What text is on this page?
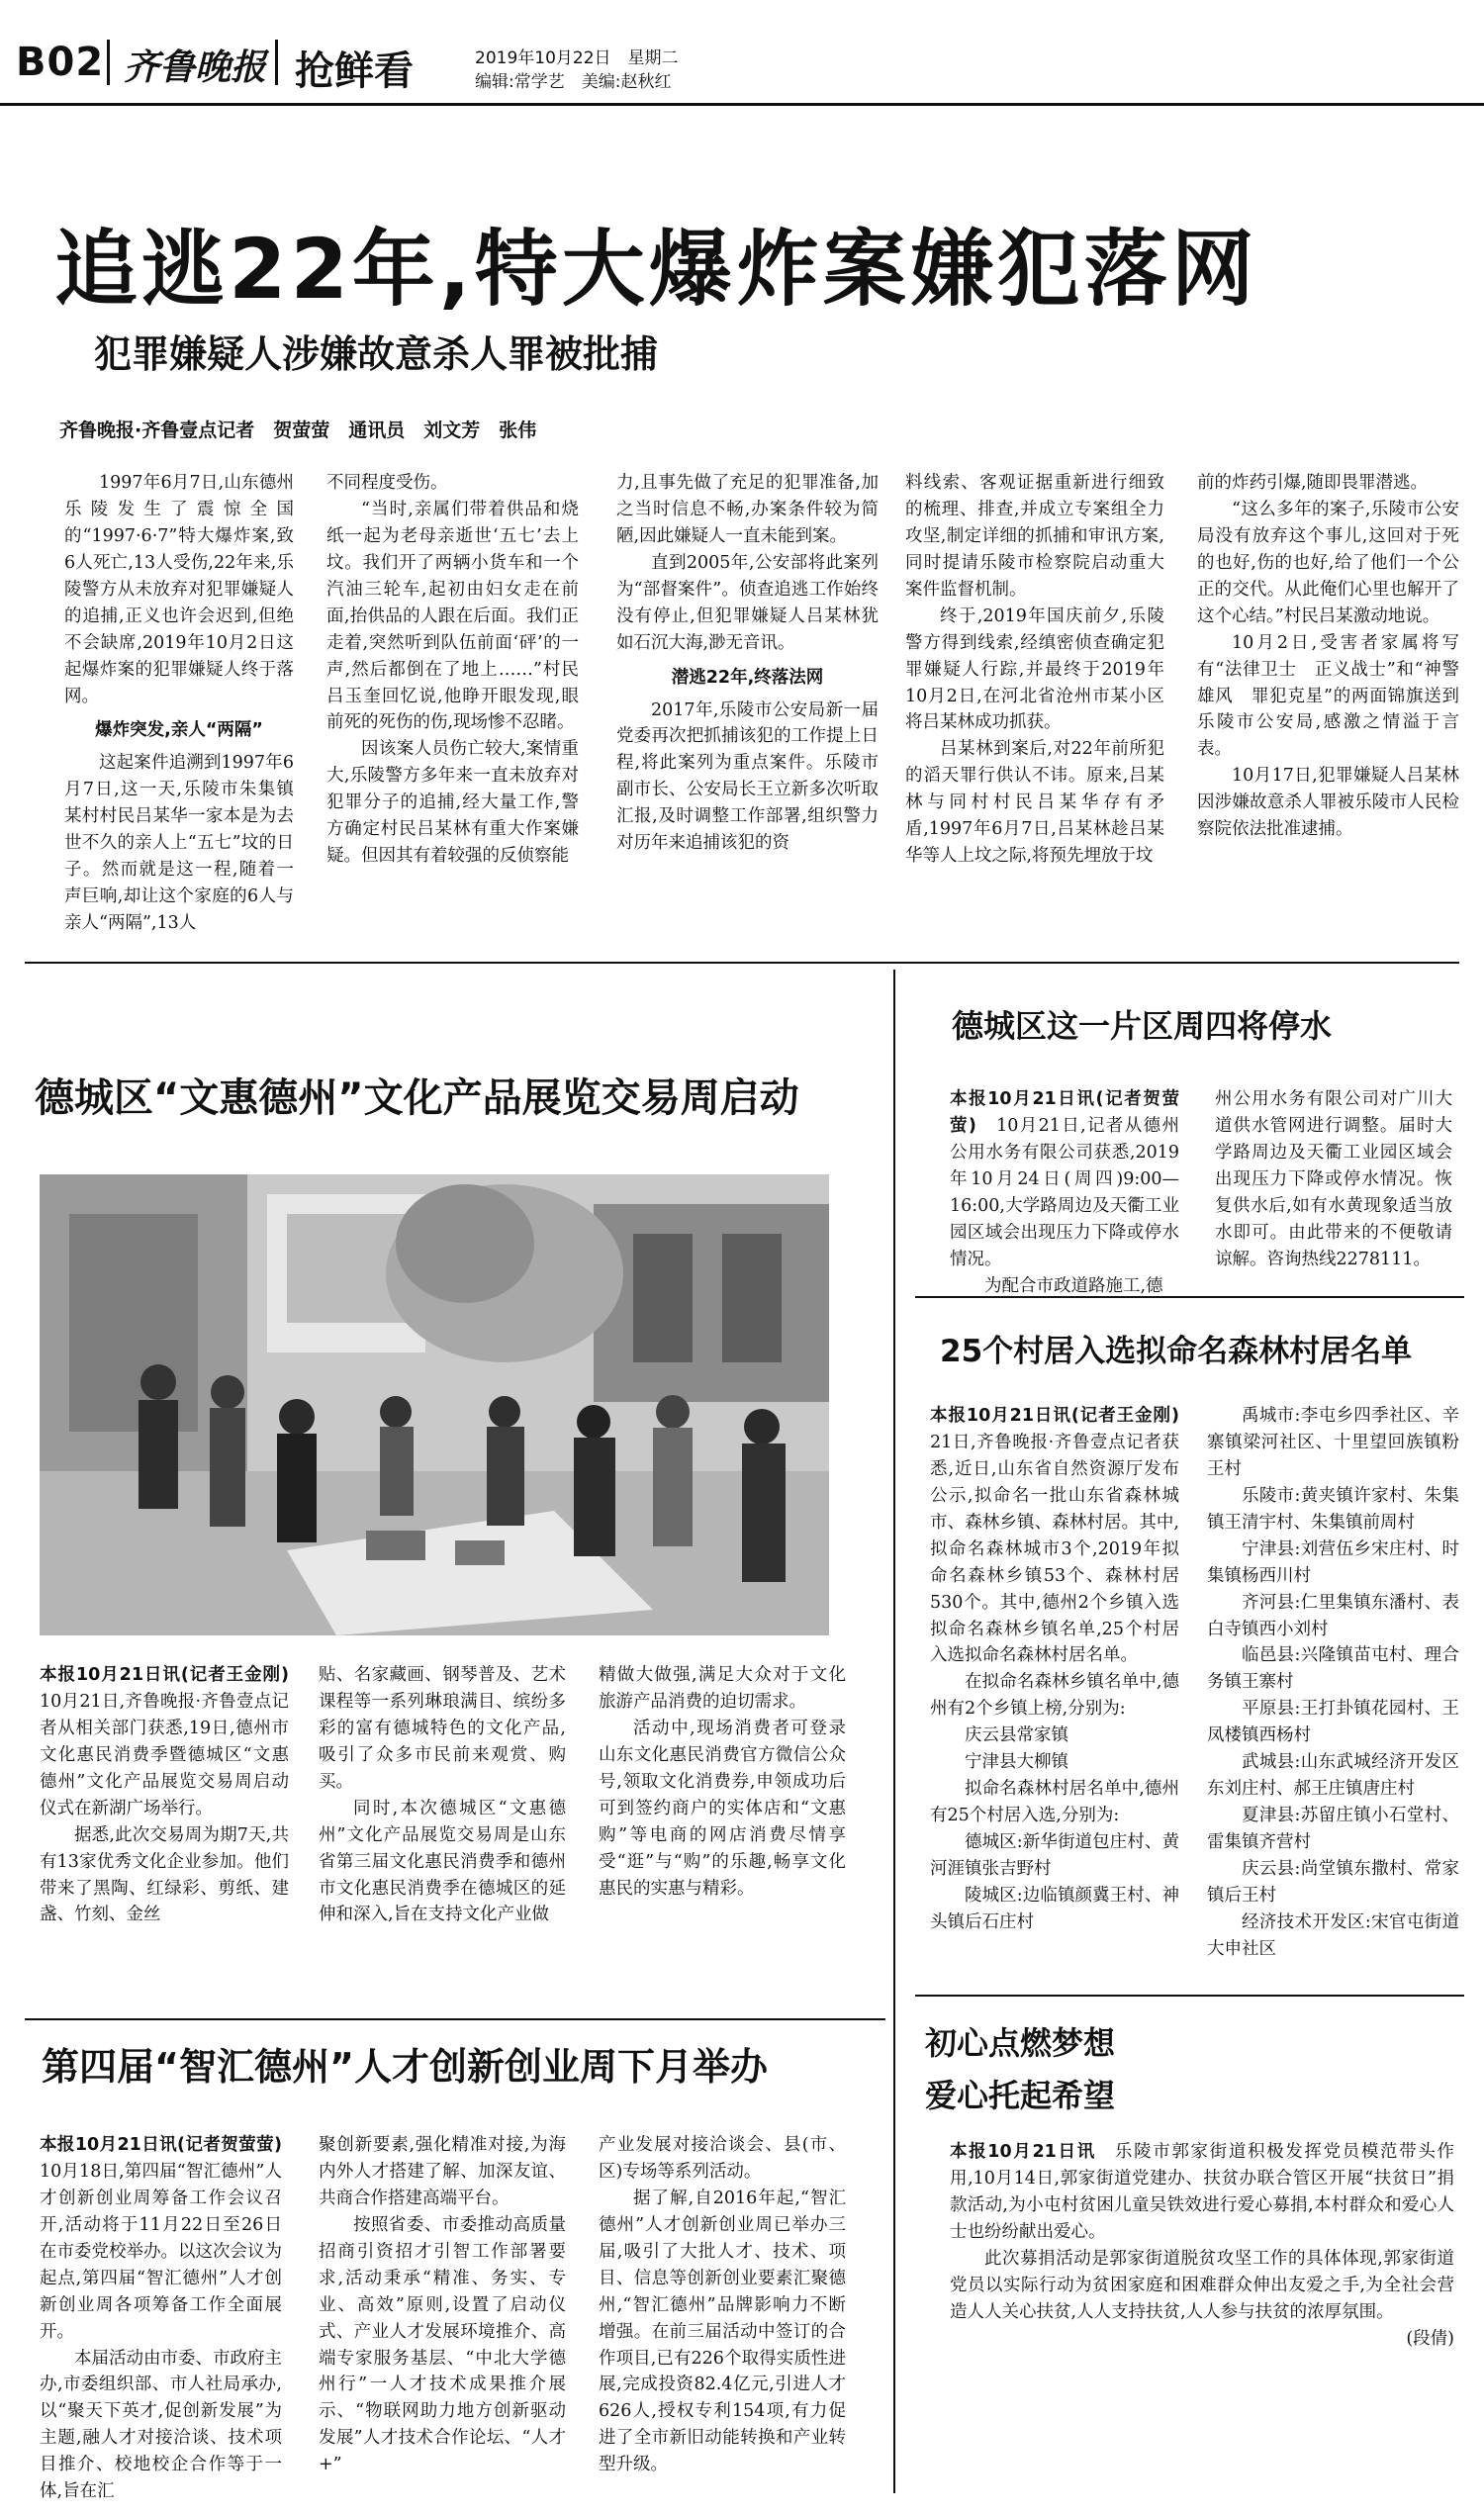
B02 齐鲁晚报 抢鲜看	2019年10月22日　星期二
编辑:常学艺　美编:赵秋红
追逃22年,特大爆炸案嫌犯落网
犯罪嫌疑人涉嫌故意杀人罪被批捕
齐鲁晚报·齐鲁壹点记者　贺萤萤　通讯员　刘文芳　张伟

1997年6月7日,山东德州乐陵发生了震惊全国的“1997·6·7”特大爆炸案,致6人死亡,13人受伤,22年来,乐陵警方从未放弃对犯罪嫌疑人的追捕,正义也许会迟到,但绝不会缺席,2019年10月2日这起爆炸案的犯罪嫌疑人终于落网。

爆炸突发,亲人“两隔”

这起案件追溯到1997年6月7日,这一天,乐陵市朱集镇某村村民吕某华一家本是为去世不久的亲人上“五七”坟的日子。然而就是这一程,随着一声巨响,却让这个家庭的6人与亲人“两隔”,13人

不同程度受伤。

“当时,亲属们带着供品和烧纸一起为老母亲逝世‘五七’去上坟。我们开了两辆小货车和一个汽油三轮车,起初由妇女走在前面,抬供品的人跟在后面。我们正走着,突然听到队伍前面‘砰’的一声,然后都倒在了地上……”村民吕玉奎回忆说,他睁开眼发现,眼前死的死伤的伤,现场惨不忍睹。

因该案人员伤亡较大,案情重大,乐陵警方多年来一直未放弃对犯罪分子的追捕,经大量工作,警方确定村民吕某林有重大作案嫌疑。但因其有着较强的反侦察能

力,且事先做了充足的犯罪准备,加之当时信息不畅,办案条件较为简陋,因此嫌疑人一直未能到案。

直到2005年,公安部将此案列为“部督案件”。侦查追逃工作始终没有停止,但犯罪嫌疑人吕某林犹如石沉大海,渺无音讯。

潜逃22年,终落法网

2017年,乐陵市公安局新一届党委再次把抓捕该犯的工作提上日程,将此案列为重点案件。乐陵市副市长、公安局长王立新多次听取汇报,及时调整工作部署,组织警力对历年来追捕该犯的资

料线索、客观证据重新进行细致的梳理、排查,并成立专案组全力攻坚,制定详细的抓捕和审讯方案,同时提请乐陵市检察院启动重大案件监督机制。

终于,2019年国庆前夕,乐陵警方得到线索,经缜密侦查确定犯罪嫌疑人行踪,并最终于2019年10月2日,在河北省沧州市某小区将吕某林成功抓获。

吕某林到案后,对22年前所犯的滔天罪行供认不讳。原来,吕某林与同村村民吕某华存有矛盾,1997年6月7日,吕某林趁吕某华等人上坟之际,将预先埋放于坟

前的炸药引爆,随即畏罪潜逃。

“这么多年的案子,乐陵市公安局没有放弃这个事儿,这回对于死的也好,伤的也好,给了他们一个公正的交代。从此俺们心里也解开了这个心结。”村民吕某激动地说。

10月2日,受害者家属将写有“法律卫士　正义战士”和“神警雄风　罪犯克星”的两面锦旗送到乐陵市公安局,感激之情溢于言表。

10月17日,犯罪嫌疑人吕某林因涉嫌故意杀人罪被乐陵市人民检察院依法批准逮捕。

德城区“文惠德州”文化产品展览交易周启动

本报10月21日讯(记者王金刚)　10月21日,齐鲁晚报·齐鲁壹点记者从相关部门获悉,19日,德州市文化惠民消费季暨德城区“文惠德州”文化产品展览交易周启动仪式在新湖广场举行。

据悉,此次交易周为期7天,共有13家优秀文化企业参加。他们带来了黑陶、红绿彩、剪纸、建盏、竹刻、金丝

贴、名家藏画、钢琴普及、艺术课程等一系列琳琅满目、缤纷多彩的富有德城特色的文化产品,吸引了众多市民前来观赏、购买。

同时,本次德城区“文惠德州”文化产品展览交易周是山东省第三届文化惠民消费季和德州市文化惠民消费季在德城区的延伸和深入,旨在支持文化产业做

精做大做强,满足大众对于文化旅游产品消费的迫切需求。

活动中,现场消费者可登录山东文化惠民消费官方微信公众号,领取文化消费券,申领成功后可到签约商户的实体店和“文惠购”等电商的网店消费尽情享受“逛”与“购”的乐趣,畅享文化惠民的实惠与精彩。

德城区这一片区周四将停水

本报10月21日讯(记者贺萤萤)　 10月21日,记者从德州公用水务有限公司获悉,2019年10月24日(周四)9:00—16:00,大学路周边及天衢工业园区域会出现压力下降或停水情况。

为配合市政道路施工,德

州公用水务有限公司对广川大道供水管网进行调整。届时大学路周边及天衢工业园区域会出现压力下降或停水情况。恢复供水后,如有水黄现象适当放水即可。由此带来的不便敬请谅解。咨询热线2278111。

25个村居入选拟命名森林村居名单

本报10月21日讯(记者王金刚)　21日,齐鲁晚报·齐鲁壹点记者获悉,近日,山东省自然资源厅发布公示,拟命名一批山东省森林城市、森林乡镇、森林村居。其中,拟命名森林城市3个,2019年拟命名森林乡镇53个、森林村居530个。其中,德州2个乡镇入选拟命名森林乡镇名单,25个村居入选拟命名森林村居名单。

在拟命名森林乡镇名单中,德州有2个乡镇上榜,分别为:

庆云县常家镇

宁津县大柳镇

拟命名森林村居名单中,德州有25个村居入选,分别为:

德城区:新华街道包庄村、黄河涯镇张吉野村

陵城区:边临镇颜冀王村、神头镇后石庄村

禹城市:李屯乡四季社区、辛寨镇梁河社区、十里望回族镇粉王村

乐陵市:黄夹镇许家村、朱集镇王清宇村、朱集镇前周村

宁津县:刘营伍乡宋庄村、时集镇杨西川村

齐河县:仁里集镇东潘村、表白寺镇西小刘村

临邑县:兴隆镇苗屯村、理合务镇王寨村

平原县:王打卦镇花园村、王凤楼镇西杨村

武城县:山东武城经济开发区东刘庄村、郝王庄镇唐庄村

夏津县:苏留庄镇小石堂村、雷集镇齐营村

庆云县:尚堂镇东撒村、常家镇后王村

经济技术开发区:宋官屯街道大申社区

第四届“智汇德州”人才创新创业周下月举办

本报10月21日讯(记者贺萤萤)　10月18日,第四届“智汇德州”人才创新创业周筹备工作会议召开,活动将于11月22日至26日在市委党校举办。以这次会议为起点,第四届“智汇德州”人才创新创业周各项筹备工作全面展开。

本届活动由市委、市政府主办,市委组织部、市人社局承办,以“聚天下英才,促创新发展”为主题,融人才对接洽谈、技术项目推介、校地校企合作等于一体,旨在汇

聚创新要素,强化精准对接,为海内外人才搭建了解、加深友谊、共商合作搭建高端平台。

按照省委、市委推动高质量招商引资招才引智工作部署要求,活动秉承“精准、务实、专业、高效”原则,设置了启动仪式、产业人才发展环境推介、高端专家服务基层、“中北大学德州行”一人才技术成果推介展示、“物联网助力地方创新驱动发展”人才技术合作论坛、“人才+”

产业发展对接洽谈会、县(市、区)专场等系列活动。

据了解,自2016年起,“智汇德州”人才创新创业周已举办三届,吸引了大批人才、技术、项目、信息等创新创业要素汇聚德州,“智汇德州”品牌影响力不断增强。在前三届活动中签订的合作项目,已有226个取得实质性进展,完成投资82.4亿元,引进人才626人,授权专利154项,有力促进了全市新旧动能转换和产业转型升级。

初心点燃梦想
爱心托起希望

本报10月21日讯　 乐陵市郭家街道积极发挥党员模范带头作用,10月14日,郭家街道党建办、扶贫办联合管区开展“扶贫日”捐款活动,为小屯村贫困儿童吴铁效进行爱心募捐,本村群众和爱心人士也纷纷献出爱心。

此次募捐活动是郭家街道脱贫攻坚工作的具体体现,郭家街道党员以实际行动为贫困家庭和困难群众伸出友爱之手,为全社会营造人人关心扶贫,人人支持扶贫,人人参与扶贫的浓厚氛围。

(段倩)
